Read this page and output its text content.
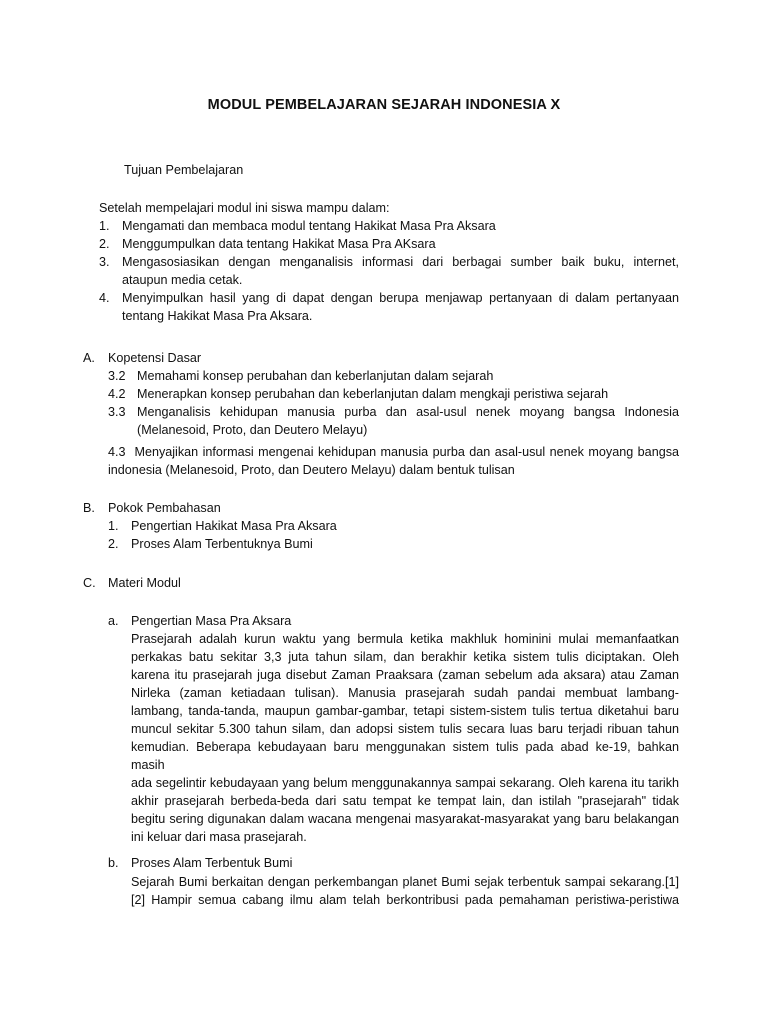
MODUL PEMBELAJARAN SEJARAH INDONESIA X
Tujuan Pembelajaran
Setelah mempelajari modul ini siswa mampu dalam:
1. Mengamati dan membaca modul tentang Hakikat Masa Pra Aksara
2. Menggumpulkan data tentang Hakikat Masa Pra AKsara
3. Mengasosiasikan dengan menganalisis informasi dari berbagai sumber baik buku, internet,
ataupun media cetak.
4. Menyimpulkan hasil yang di dapat dengan berupa menjawap pertanyaan di dalam pertanyaan
tentang Hakikat Masa Pra Aksara.
A. Kopetensi Dasar
3.2 Memahami konsep perubahan dan keberlanjutan dalam sejarah
4.2 Menerapkan konsep perubahan dan keberlanjutan dalam mengkaji peristiwa sejarah
3.3 Menganalisis kehidupan manusia purba dan asal-usul nenek moyang bangsa Indonesia
(Melanesoid, Proto, dan Deutero Melayu)
4.3 Menyajikan informasi mengenai kehidupan manusia purba dan asal-usul nenek moyang bangsa
indonesia (Melanesoid, Proto, dan Deutero Melayu) dalam bentuk tulisan
B. Pokok Pembahasan
1. Pengertian Hakikat Masa Pra Aksara
2. Proses Alam Terbentuknya Bumi
C. Materi Modul
a. Pengertian Masa Pra Aksara
Prasejarah adalah kurun waktu yang bermula ketika makhluk hominini mulai memanfaatkan
perkakas batu sekitar 3,3 juta tahun silam, dan berakhir ketika sistem tulis diciptakan. Oleh
karena itu prasejarah juga disebut Zaman Praaksara (zaman sebelum ada aksara) atau Zaman
Nirleka (zaman ketiadaan tulisan). Manusia prasejarah sudah pandai membuat lambang-
lambang, tanda-tanda, maupun gambar-gambar, tetapi sistem-sistem tulis tertua diketahui baru
muncul sekitar 5.300 tahun silam, dan adopsi sistem tulis secara luas baru terjadi ribuan tahun
kemudian. Beberapa kebudayaan baru menggunakan sistem tulis pada abad ke-19, bahkan masih
ada segelintir kebudayaan yang belum menggunakannya sampai sekarang. Oleh karena itu tarikh
akhir prasejarah berbeda-beda dari satu tempat ke tempat lain, dan istilah "prasejarah" tidak
begitu sering digunakan dalam wacana mengenai masyarakat-masyarakat yang baru belakangan
ini keluar dari masa prasejarah.
b. Proses Alam Terbentuk Bumi
Sejarah Bumi berkaitan dengan perkembangan planet Bumi sejak terbentuk sampai sekarang.[1]
[2] Hampir semua cabang ilmu alam telah berkontribusi pada pemahaman peristiwa-peristiwa
